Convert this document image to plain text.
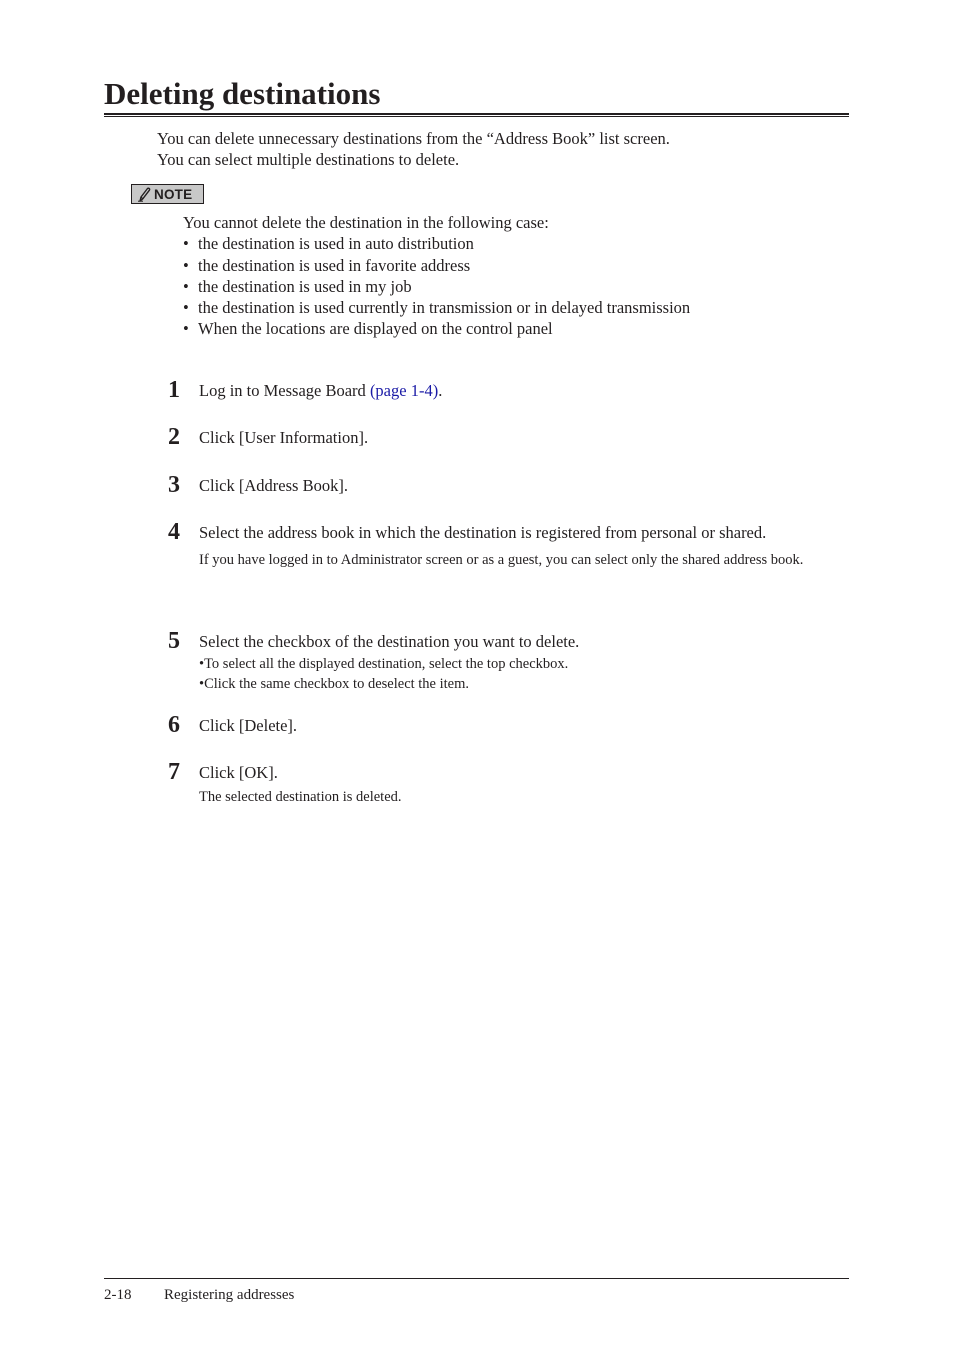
Deleting destinations

You can delete unnecessary destinations from the “Address Book” list screen.

You can select multiple destinations to delete.

NOTE

You cannot delete the destination in the following case:

• the destination is used in auto distribution
• the destination is used in favorite address
• the destination is used in my job
• the destination is used currently in transmission or in delayed transmission
• When the locations are displayed on the control panel
1	Log in to Message Board (page 1-4).
2	Click [User Information].
3	Click [Address Book].
4	Select the address book in which the destination is registered from personal or shared.
If you have logged in to Administrator screen or as a guest, you can select only the shared address book.
5	Select the checkbox of the destination you want to delete.
•To select all the displayed destination, select the top checkbox.
•Click the same checkbox to deselect the item.
6	Click [Delete].
7	Click [OK].
The selected destination is deleted.
2-18 Registering addresses
